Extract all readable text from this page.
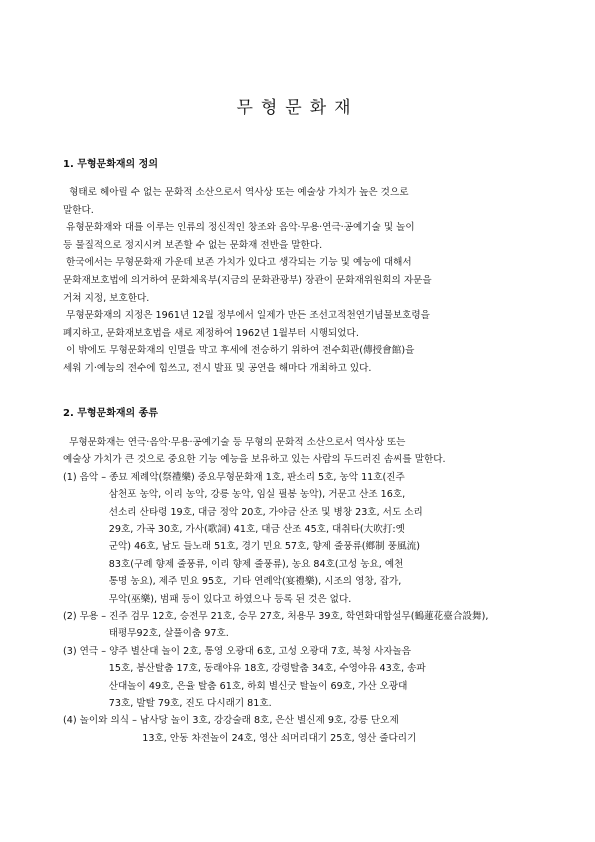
무형문화재
1. 무형문화재의 정의
형태로 헤아릴 수 없는 문화적 소산으로서 역사상 또는 예술상 가치가 높은 것으로
말한다.
유형문화재와 대를 이루는 인류의 정신적인 창조와 음악·무용·연극·공예기술 및 놀이
등 물질적으로 정지시켜 보존할 수 없는 문화재 전반을 말한다.
한국에서는 무형문화재 가운데 보존 가치가 있다고 생각되는 기능 및 예능에 대해서
문화재보호법에 의거하여 문화체육부(지금의 문화관광부) 장관이 문화재위원회의 자문을
거쳐 지정, 보호한다.
무형문화재의 지정은 1961년 12월 정부에서 일제가 만든 조선고적천연기념물보호령을
폐지하고, 문화재보호법을 새로 제정하여 1962년 1월부터 시행되었다.
이 밖에도 무형문화재의 인멸을 막고 후세에 전승하기 위하여 전수회관(傳授會館)을
세워 기·예능의 전수에 힘쓰고, 전시 발표 및 공연을 해마다 개최하고 있다.
2. 무형문화재의 종류
무형문화재는 연극·음악·무용·공예기술 등 무형의 문화적 소산으로서 역사상 또는
예술상 가치가 큰 것으로 중요한 기능 예능을 보유하고 있는 사람의 두드러진 솜씨를 말한다.
(1) 음악 – 종묘 제례악(祭禮樂) 중요무형문화재 1호, 판소리 5호, 농악 11호(진주
삼천포 농악, 이리 농악, 강릉 농악, 임실 필봉 농악), 거문고 산조 16호,
선소리 산타령 19호, 대금 정악 20호, 가야금 산조 및 병창 23호, 서도 소리
29호, 가곡 30호, 가사(歌詞) 41호, 대금 산조 45호, 대취타(大吹打:옛
군악) 46호, 남도 들노래 51호, 경기 민요 57호, 향제 줄풍류(鄕制 풍風流)
83호(구례 향제 줄풍류, 이리 향제 줄풍류), 농요 84호(고성 농요, 예천
통명 농요), 제주 민요 95호,  기타 연례악(宴禮樂), 시조의 영창, 잡가,
무악(巫樂), 범패 등이 있다고 하였으나 등록 된 것은 없다.
(2) 무용 – 진주 검무 12호, 승전무 21호, 승무 27호, 처용무 39호, 학연화대합설무(鶴蓮花臺合設舞),
태평무92호, 살풀이춤 97호.
(3) 연극 – 양주 별산대 놀이 2호, 통영 오광대 6호, 고성 오광대 7호, 북청 사자놀음
15호, 봉산탈춤 17호, 동래야유 18호, 강령탈춤 34호, 수영야유 43호, 송파
산대놀이 49호, 은율 탈춤 61호, 하회 별신굿 탈놀이 69호, 가산 오광대
73호, 발탈 79호, 진도 다시래기 81호.
(4) 놀이와 의식 – 남사당 놀이 3호, 강강술래 8호, 은산 별신제 9호, 강릉 단오제
13호, 안동 차전놀이 24호, 영산 쇠머리대기 25호, 영산 줄다리기
